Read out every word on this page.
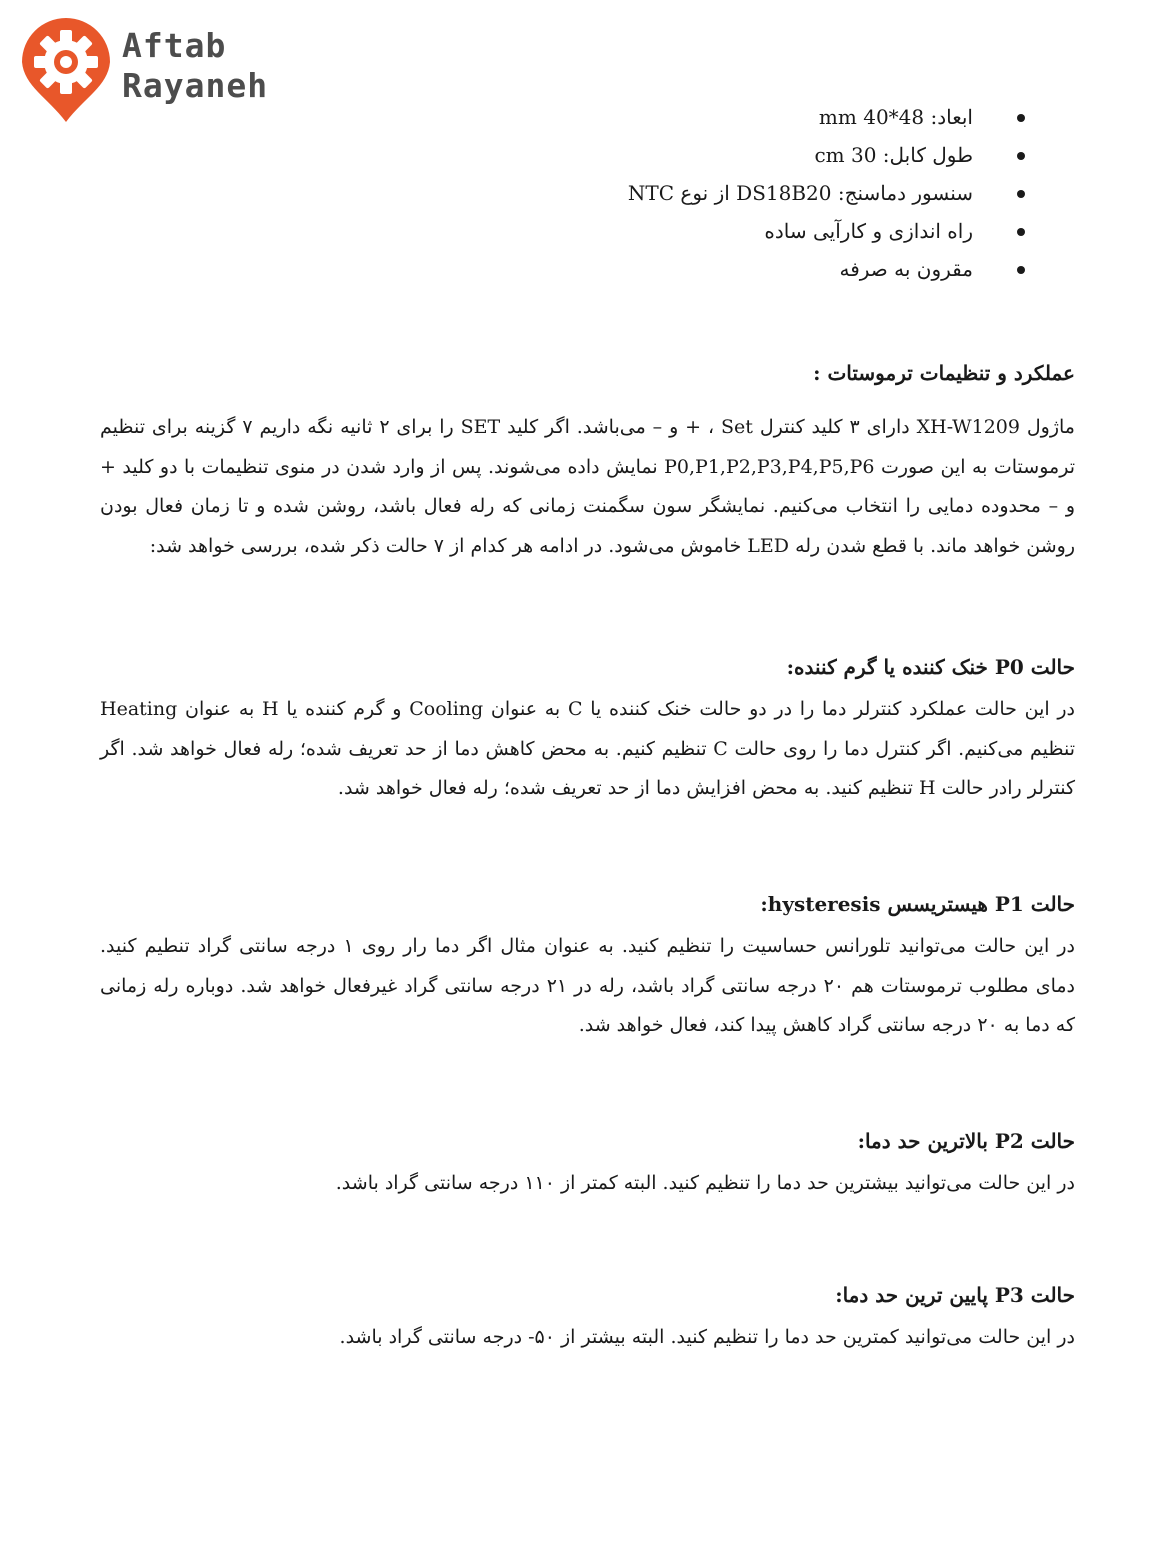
Aftab
Rayaneh
ابعاد: 48*40 mm
طول کابل: 30 cm
سنسور دماسنج: DS18B20 از نوع NTC
راه اندازی و کارآیی ساده
مقرون به صرفه
عملکرد و تنظیمات ترموستات :

ماژول XH-W1209 دارای ۳ کلید کنترل Set ، + و – می‌باشد. اگر کلید SET را برای ۲ ثانیه نگه داریم ۷ گزینه برای تنظیم ترموستات به این صورت P0,P1,P2,P3,P4,P5,P6 نمایش داده می‌شوند. پس از وارد شدن در منوی تنظیمات با دو کلید + و – محدوده دمایی را انتخاب می‌کنیم. نمایشگر سون سگمنت زمانی که رله فعال باشد، روشن شده و تا زمان فعال بودن روشن خواهد ماند. با قطع شدن رله LED خاموش می‌شود. در ادامه هر کدام از ۷ حالت ذکر شده، بررسی خواهد شد:

حالت P0 خنک کننده یا گرم کننده:

در این حالت عملکرد کنترلر دما را در دو حالت خنک کننده یا C به عنوان Cooling و گرم کننده یا H به عنوان Heating تنظیم می‌کنیم. اگر کنترل دما را روی حالت C تنظیم کنیم. به محض کاهش دما از حد تعریف شده؛ رله فعال خواهد شد. اگر کنترلر رادر حالت H تنظیم کنید. به محض افزایش دما از حد تعریف شده؛ رله فعال خواهد شد.

حالت P1 هیستریسس hysteresis:

در این حالت می‌توانید تلورانس حساسیت را تنظیم کنید. به عنوان مثال اگر دما رار روی ۱ درجه سانتی گراد تنطیم کنید. دمای مطلوب ترموستات هم ۲۰ درجه سانتی گراد باشد، رله در ۲۱ درجه سانتی گراد غیرفعال خواهد شد. دوباره رله زمانی که دما به ۲۰ درجه سانتی گراد کاهش پیدا کند، فعال خواهد شد.

حالت P2 بالاترین حد دما:

در این حالت می‌توانید بیشترین حد دما را تنظیم کنید. البته کمتر از ۱۱۰ درجه سانتی گراد باشد.

حالت P3 پایین ترین حد دما:

در این حالت می‌توانید کمترین حد دما را تنظیم کنید. البته بیشتر از ۵۰- درجه سانتی گراد باشد.
